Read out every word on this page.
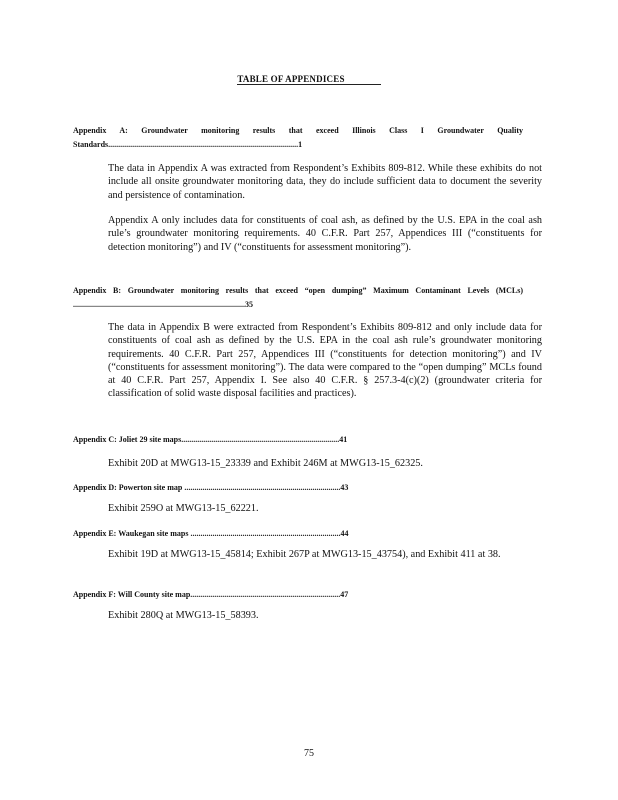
TABLE OF APPENDICES
Appendix A: Groundwater monitoring results that exceed Illinois Class I Groundwater Quality Standards...............................................................................................1
The data in Appendix A was extracted from Respondent’s Exhibits 809-812. While these exhibits do not include all onsite groundwater monitoring data, they do include sufficient data to document the severity and persistence of contamination.
Appendix A only includes data for constituents of coal ash, as defined by the U.S. EPA in the coal ash rule’s groundwater monitoring requirements. 40 C.F.R. Part 257, Appendices III (“constituents for detection monitoring”) and IV (“constituents for assessment monitoring”).
Appendix B: Groundwater monitoring results that exceed “open dumping” Maximum Contaminant Levels (MCLs) ......................................................................................35
The data in Appendix B were extracted from Respondent’s Exhibits 809-812 and only include data for constituents of coal ash as defined by the U.S. EPA in the coal ash rule’s groundwater monitoring requirements. 40 C.F.R. Part 257, Appendices III (“constituents for detection monitoring”) and IV (“constituents for assessment monitoring”). The data were compared to the “open dumping” MCLs found at 40 C.F.R. Part 257, Appendix I. See also 40 C.F.R. § 257.3-4(c)(2) (groundwater criteria for classification of solid waste disposal facilities and practices).
Appendix C: Joliet 29 site maps...............................................................................41
Exhibit 20D at MWG13-15_23339 and Exhibit 246M at MWG13-15_62325.
Appendix D: Powerton site map ..............................................................................43
Exhibit 259O at MWG13-15_62221.
Appendix E: Waukegan site maps ...........................................................................44
Exhibit 19D at MWG13-15_45814; Exhibit 267P at MWG13-15_43754), and Exhibit 411 at 38.
Appendix F: Will County site map...........................................................................47
Exhibit 280Q at MWG13-15_58393.
75
